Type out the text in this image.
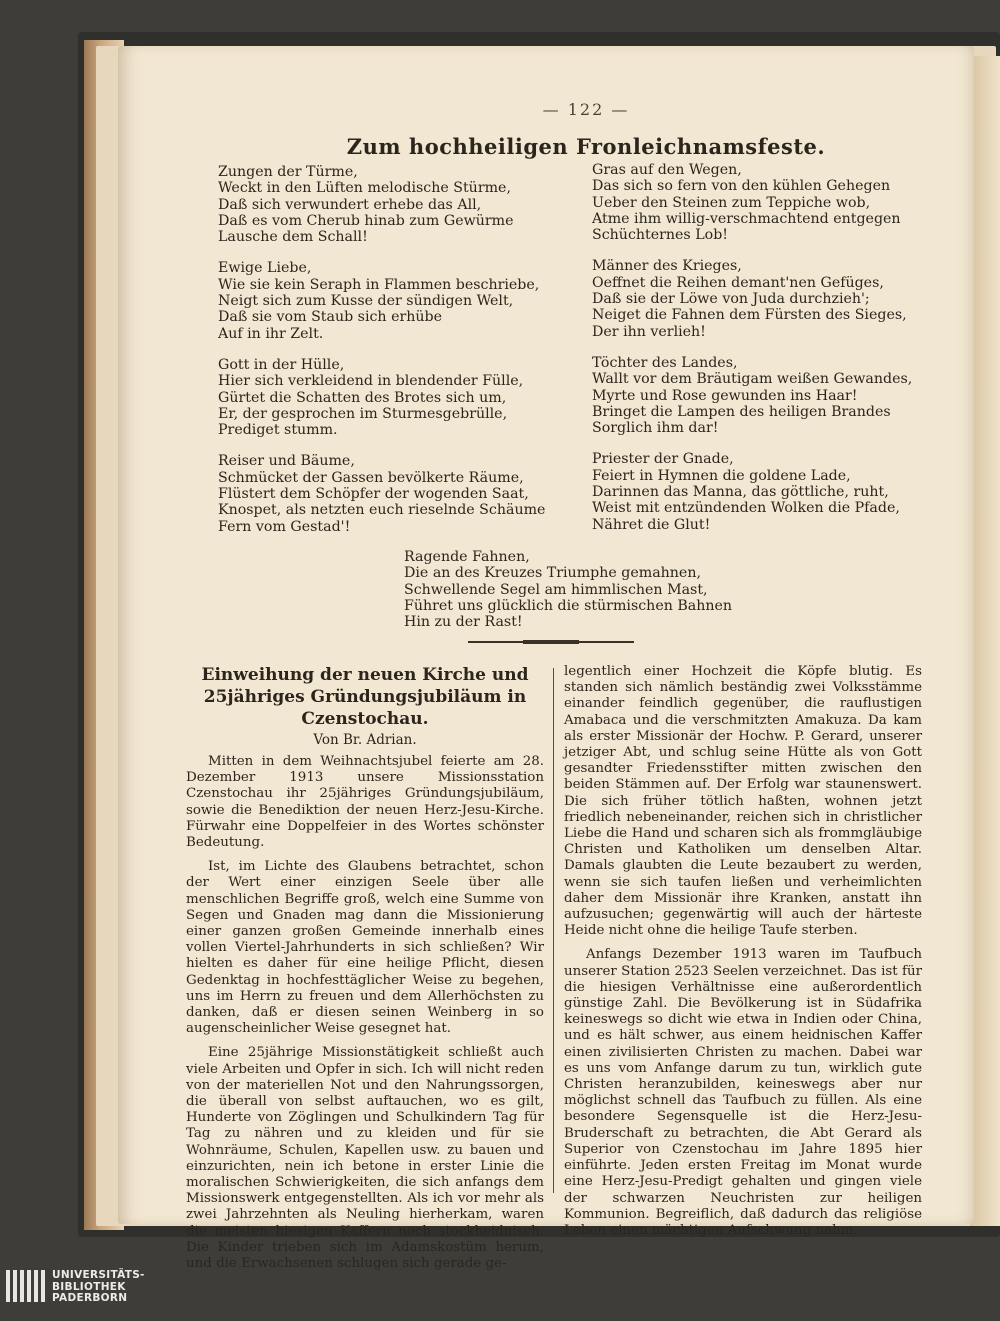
— 122 —
Zum hochheiligen Fronleichnamsfeste.
Zungen der Türme,
Weckt in den Lüften melodische Stürme,
Daß sich verwundert erhebe das All,
Daß es vom Cherub hinab zum Gewürme
Lausche dem Schall!
Ewige Liebe,
Wie sie kein Seraph in Flammen beschriebe,
Neigt sich zum Kusse der sündigen Welt,
Daß sie vom Staub sich erhübe
Auf in ihr Zelt.
Gott in der Hülle,
Hier sich verkleidend in blendender Fülle,
Gürtet die Schatten des Brotes sich um,
Er, der gesprochen im Sturmesgebrülle,
Prediget stumm.
Reiser und Bäume,
Schmücket der Gassen bevölkerte Räume,
Flüstert dem Schöpfer der wogenden Saat,
Knospet, als netzten euch rieselnde Schäume
Fern vom Gestad'!
Gras auf den Wegen,
Das sich so fern von den kühlen Gehegen
Ueber den Steinen zum Teppiche wob,
Atme ihm willig-verschmachtend entgegen
Schüchternes Lob!
Männer des Krieges,
Oeffnet die Reihen demant'nen Gefüges,
Daß sie der Löwe von Juda durchzieh';
Neiget die Fahnen dem Fürsten des Sieges,
Der ihn verlieh!
Töchter des Landes,
Wallt vor dem Bräutigam weißen Gewandes,
Myrte und Rose gewunden ins Haar!
Bringet die Lampen des heiligen Brandes
Sorglich ihm dar!
Priester der Gnade,
Feiert in Hymnen die goldene Lade,
Darinnen das Manna, das göttliche, ruht,
Weist mit entzündenden Wolken die Pfade,
Nähret die Glut!
Ragende Fahnen,
Die an des Kreuzes Triumphe gemahnen,
Schwellende Segel am himmlischen Mast,
Führet uns glücklich die stürmischen Bahnen
Hin zu der Rast!
Einweihung der neuen Kirche und 25jähriges Gründungsjubiläum in Czenstochau.
Von Br. Adrian.

Mitten in dem Weihnachtsjubel feierte am 28. Dezember 1913 unsere Missionsstation Czenstochau ihr 25jähriges Gründungsjubiläum, sowie die Benediktion der neuen Herz-Jesu-Kirche. Fürwahr eine Doppelfeier in des Wortes schönster Bedeutung.

Ist, im Lichte des Glaubens betrachtet, schon der Wert einer einzigen Seele über alle menschlichen Begriffe groß, welch eine Summe von Segen und Gnaden mag dann die Missionierung einer ganzen großen Gemeinde innerhalb eines vollen Viertel-Jahrhunderts in sich schließen? Wir hielten es daher für eine heilige Pflicht, diesen Gedenktag in hochfesttäglicher Weise zu begehen, uns im Herrn zu freuen und dem Allerhöchsten zu danken, daß er diesen seinen Weinberg in so augenscheinlicher Weise gesegnet hat.

Eine 25jährige Missionstätigkeit schließt auch viele Arbeiten und Opfer in sich. Ich will nicht reden von der materiellen Not und den Nahrungssorgen, die überall von selbst auftauchen, wo es gilt, Hunderte von Zöglingen und Schulkindern Tag für Tag zu nähren und zu kleiden und für sie Wohnräume, Schulen, Kapellen usw. zu bauen und einzurichten, nein ich betone in erster Linie die moralischen Schwierigkeiten, die sich anfangs dem Missionswerk entgegenstellten. Als ich vor mehr als zwei Jahrzehnten als Neuling hierherkam, waren die meisten hiesigen Kaffern noch stockheidnisch. Die Kinder trieben sich im Adamskostüm herum, und die Erwachsenen schlugen sich gerade ge-

legentlich einer Hochzeit die Köpfe blutig. Es standen sich nämlich beständig zwei Volksstämme einander feindlich gegenüber, die rauflustigen Amabaca und die verschmitzten Amakuza. Da kam als erster Missionär der Hochw. P. Gerard, unserer jetziger Abt, und schlug seine Hütte als von Gott gesandter Friedensstifter mitten zwischen den beiden Stämmen auf. Der Erfolg war staunenswert. Die sich früher tötlich haßten, wohnen jetzt friedlich nebeneinander, reichen sich in christlicher Liebe die Hand und scharen sich als frommgläubige Christen und Katholiken um denselben Altar. Damals glaubten die Leute bezaubert zu werden, wenn sie sich taufen ließen und verheimlichten daher dem Missionär ihre Kranken, anstatt ihn aufzusuchen; gegenwärtig will auch der härteste Heide nicht ohne die heilige Taufe sterben.

Anfangs Dezember 1913 waren im Taufbuch unserer Station 2523 Seelen verzeichnet. Das ist für die hiesigen Verhältnisse eine außerordentlich günstige Zahl. Die Bevölkerung ist in Südafrika keineswegs so dicht wie etwa in Indien oder China, und es hält schwer, aus einem heidnischen Kaffer einen zivilisierten Christen zu machen. Dabei war es uns vom Anfange darum zu tun, wirklich gute Christen heranzubilden, keineswegs aber nur möglichst schnell das Taufbuch zu füllen. Als eine besondere Segensquelle ist die Herz-Jesu-Bruderschaft zu betrachten, die Abt Gerard als Superior von Czenstochau im Jahre 1895 hier einführte. Jeden ersten Freitag im Monat wurde eine Herz-Jesu-Predigt gehalten und gingen viele der schwarzen Neuchristen zur heiligen Kommunion. Begreiflich, daß dadurch das religiöse Leben einen mächtigen Aufschwung nahm.

UNIVERSITÄTS-
BIBLIOTHEK
PADERBORN
